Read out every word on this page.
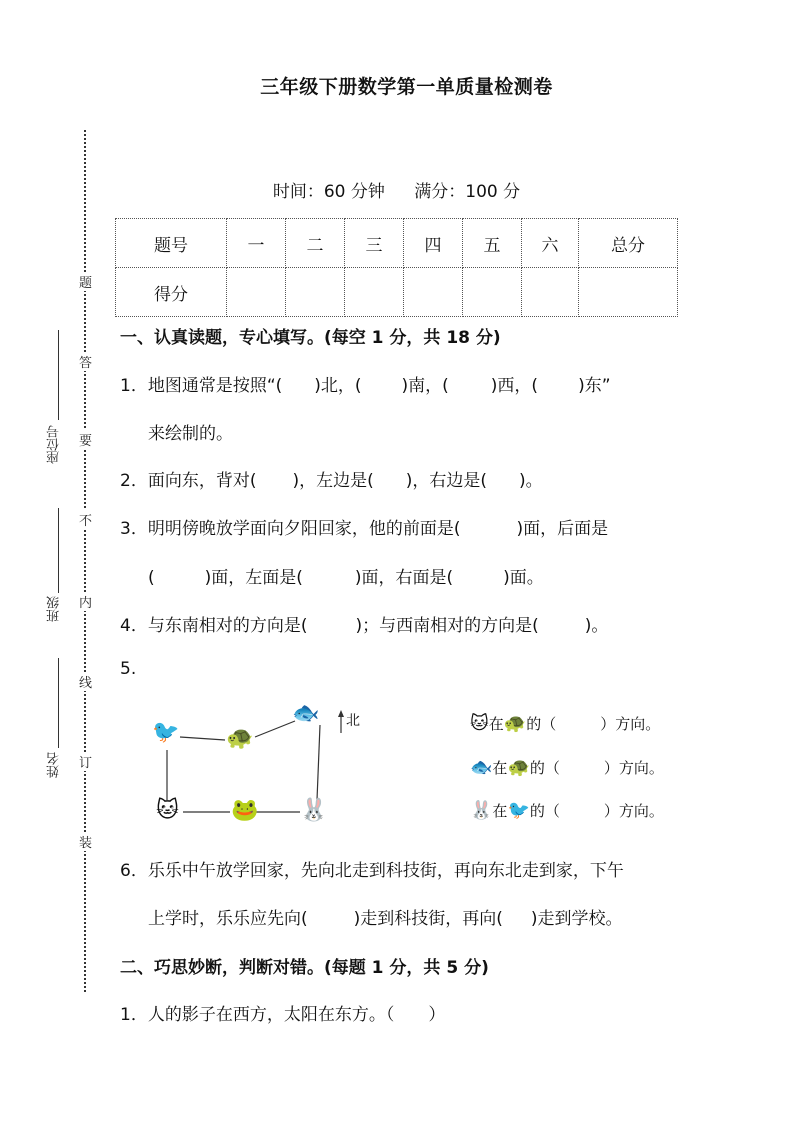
三年级下册数学第一单质量检测卷
时间：60 分钟 满分：100 分
题
答
要
不
内
线
订
装
座位号
班级
姓名
题号	一	二	三	四	五	六	总分
得分							
一、认真读题，专心填写。(每空 1 分，共 18 分)
1．地图通常是按照“( )北，( )南，( )西，( )东”
来绘制的。
2．面向东，背对( )，左边是( )，右边是( )。
3．明明傍晚放学面向夕阳回家，他的前面是(	)面，后面是
(	)面，左面是(	)面，右面是(	)面。
4．与东南相对的方向是(	)；与西南相对的方向是(	)。
5.
北
🐦 🐢
🐟
🐱 🐸 🐰
🐱在🐢的（	）方向。
🐟在🐢的（	）方向。
🐰在🐦的（	）方向。
6．乐乐中午放学回家，先向北走到科技街，再向东北走到家，下午
上学时，乐乐应先向(	)走到科技街，再向( )走到学校。
二、巧思妙断，判断对错。(每题 1 分，共 5 分)
1．人的影子在西方，太阳在东方。（　　）
